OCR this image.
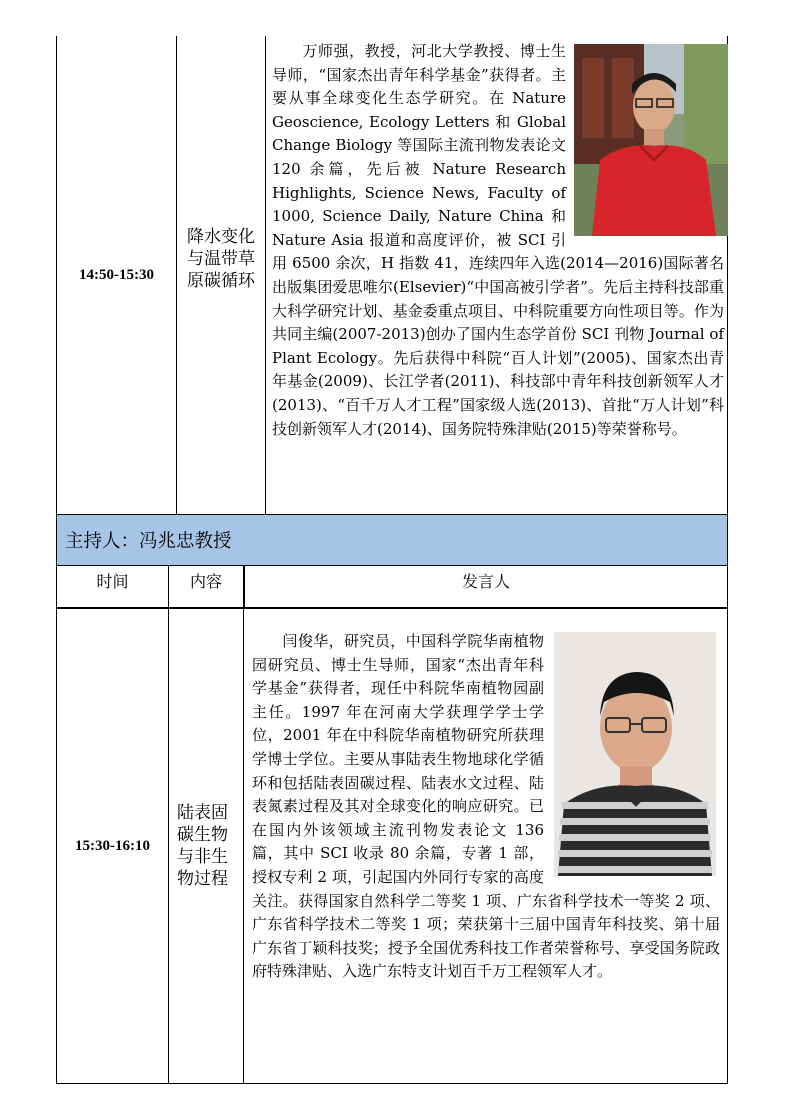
14:50-15:30
降水变化与温带草原碳循环
万师强，教授，河北大学教授、博士生导师，“国家杰出青年科学基金”获得者。主要从事全球变化生态学研究。在 Nature Geoscience, Ecology Letters 和 Global Change Biology 等国际主流刊物发表论文120 余篇，先后被 Nature Research Highlights, Science News, Faculty of 1000, Science Daily, Nature China 和 Nature Asia 报道和高度评价，被 SCI 引用 6500 余次，H 指数 41，连续四年入选(2014—2016)国际著名出版集团爱思唯尔(Elsevier)“中国高被引学者”。先后主持科技部重大科学研究计划、基金委重点项目、中科院重要方向性项目等。作为共同主编(2007-2013)创办了国内生态学首份 SCI 刊物 Journal of Plant Ecology。先后获得中科院“百人计划”(2005)、国家杰出青年基金(2009)、长江学者(2011)、科技部中青年科技创新领军人才(2013)、“百千万人才工程”国家级人选(2013)、首批“万人计划”科技创新领军人才(2014)、国务院特殊津贴(2015)等荣誉称号。
主持人：冯兆忠教授
时间	内容	发言人
15:30-16:10
陆表固碳生物与非生物过程
闫俊华，研究员，中国科学院华南植物园研究员、博士生导师，国家“杰出青年科学基金”获得者，现任中科院华南植物园副主任。1997 年在河南大学获理学学士学位，2001 年在中科院华南植物研究所获理学博士学位。主要从事陆表生物地球化学循环和包括陆表固碳过程、陆表水文过程、陆表氮素过程及其对全球变化的响应研究。已在国内外该领域主流刊物发表论文 136 篇，其中 SCI 收录 80 余篇，专著 1 部，授权专利 2 项，引起国内外同行专家的高度关注。获得国家自然科学二等奖 1 项、广东省科学技术一等奖 2 项、广东省科学技术二等奖 1 项；荣获第十三届中国青年科技奖、第十届广东省丁颖科技奖；授予全国优秀科技工作者荣誉称号、享受国务院政府特殊津贴、入选广东特支计划百千万工程领军人才。
